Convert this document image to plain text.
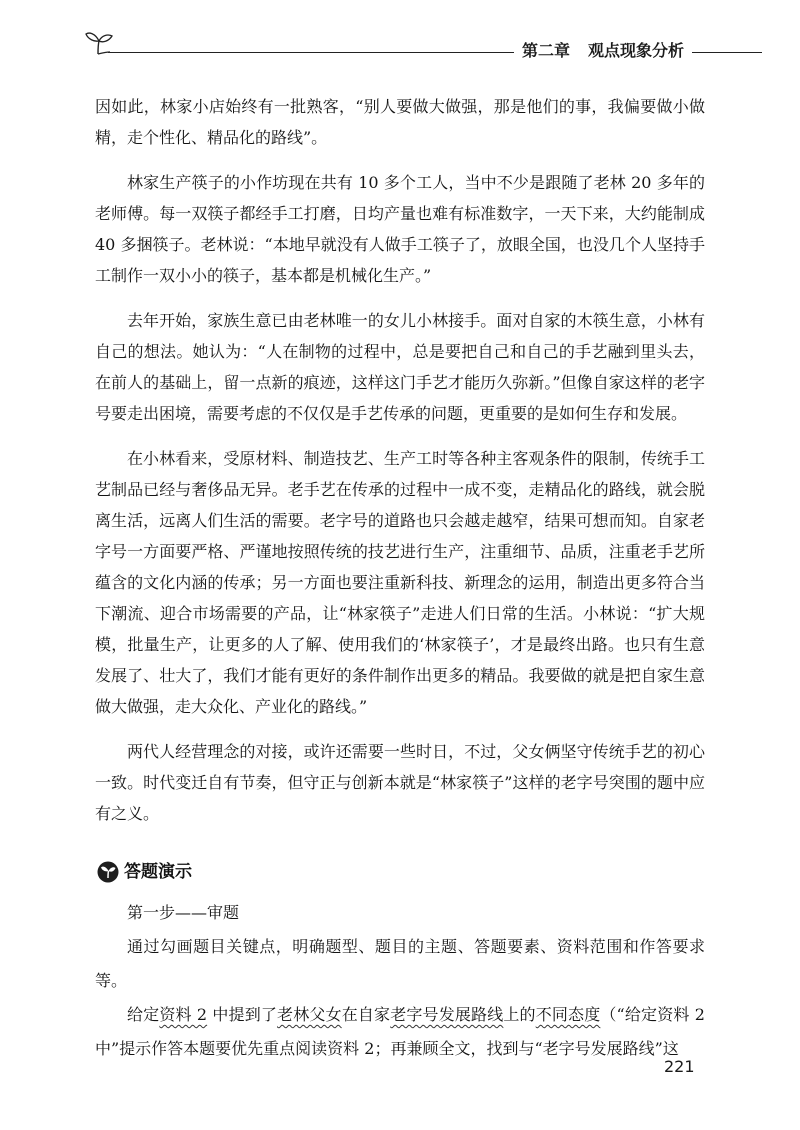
第二章 观点现象分析

因如此，林家小店始终有一批熟客，“别人要做大做强，那是他们的事，我偏要做小做精，走个性化、精品化的路线”。

林家生产筷子的小作坊现在共有 10 多个工人，当中不少是跟随了老林 20 多年的老师傅。每一双筷子都经手工打磨，日均产量也难有标准数字，一天下来，大约能制成 40 多捆筷子。老林说：“本地早就没有人做手工筷子了，放眼全国，也没几个人坚持手工制作一双小小的筷子，基本都是机械化生产。”

去年开始，家族生意已由老林唯一的女儿小林接手。面对自家的木筷生意，小林有自己的想法。她认为：“人在制物的过程中，总是要把自己和自己的手艺融到里头去，在前人的基础上，留一点新的痕迹，这样这门手艺才能历久弥新。”但像自家这样的老字号要走出困境，需要考虑的不仅仅是手艺传承的问题，更重要的是如何生存和发展。

在小林看来，受原材料、制造技艺、生产工时等各种主客观条件的限制，传统手工艺制品已经与奢侈品无异。老手艺在传承的过程中一成不变，走精品化的路线，就会脱离生活，远离人们生活的需要。老字号的道路也只会越走越窄，结果可想而知。自家老字号一方面要严格、严谨地按照传统的技艺进行生产，注重细节、品质，注重老手艺所蕴含的文化内涵的传承；另一方面也要注重新科技、新理念的运用，制造出更多符合当下潮流、迎合市场需要的产品，让“林家筷子”走进人们日常的生活。小林说：“扩大规模，批量生产，让更多的人了解、使用我们的‘林家筷子’，才是最终出路。也只有生意发展了、壮大了，我们才能有更好的条件制作出更多的精品。我要做的就是把自家生意做大做强，走大众化、产业化的路线。”

两代人经营理念的对接，或许还需要一些时日，不过，父女俩坚守传统手艺的初心一致。时代变迁自有节奏，但守正与创新本就是“林家筷子”这样的老字号突围的题中应有之义。

答题演示

第一步——审题

通过勾画题目关键点，明确题型、题目的主题、答题要素、资料范围和作答要求等。

给定资料 2 中提到了老林父女在自家老字号发展路线上的不同态度（“给定资料 2 中”提示作答本题要优先重点阅读资料 2；再兼顾全文，找到与“老字号发展路线”这

221
